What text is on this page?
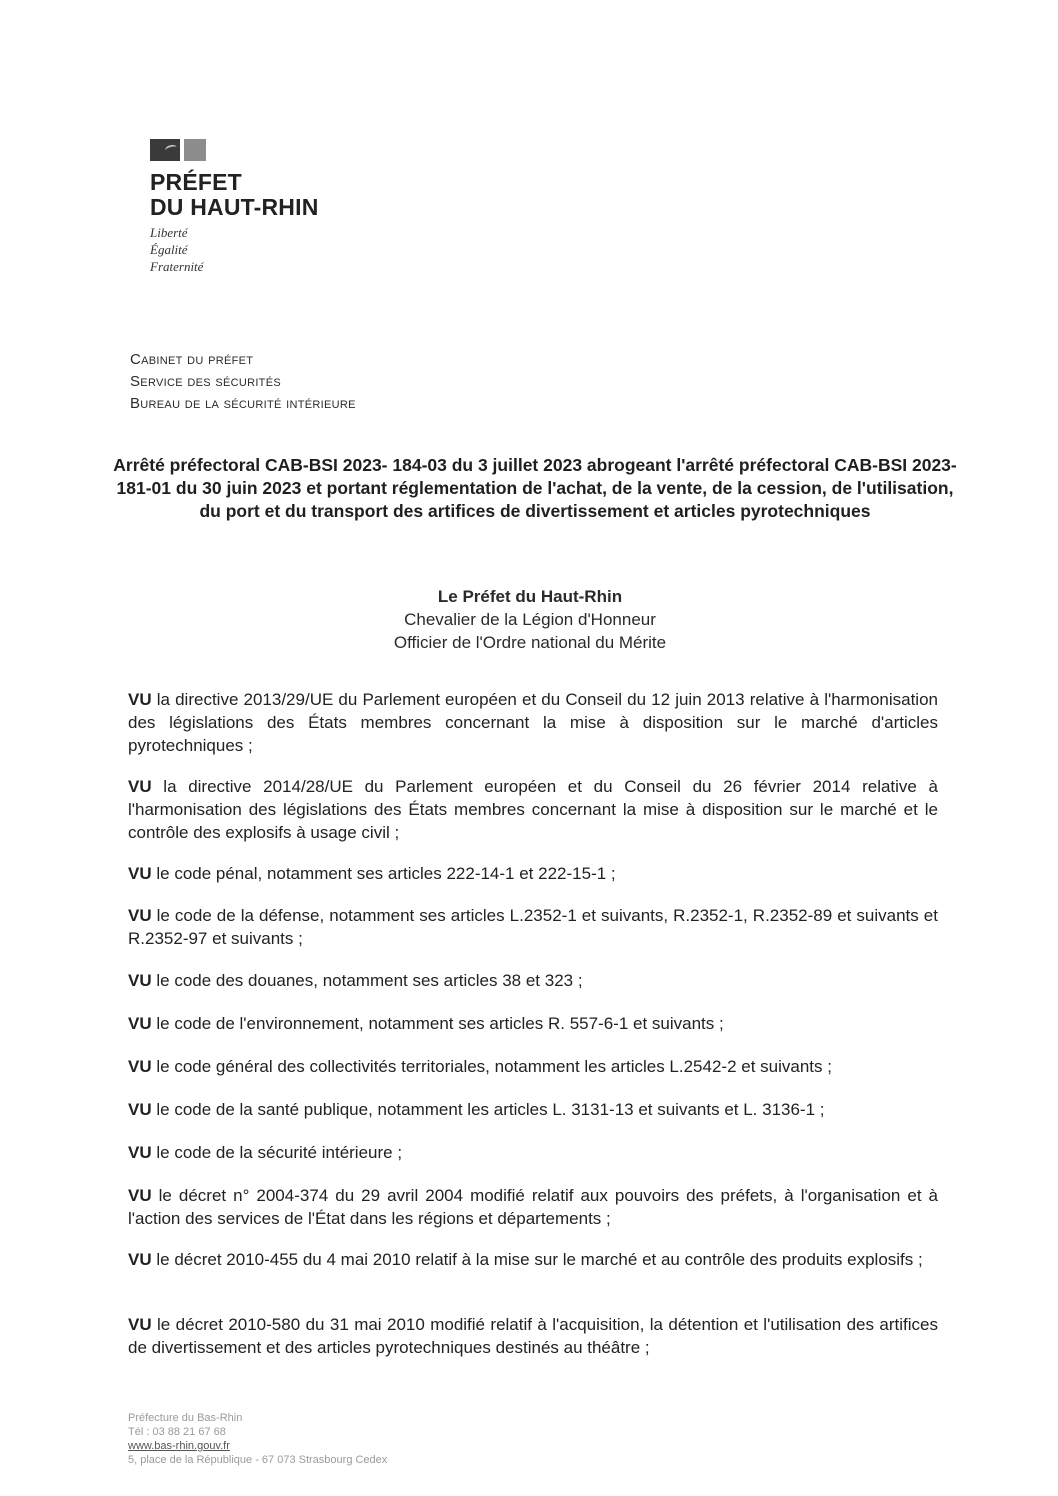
PRÉFET
DU HAUT-RHIN
Liberté
Égalité
Fraternité
Cabinet du préfet
Service des sécurités
Bureau de la sécurité intérieure
Arrêté préfectoral CAB-BSI 2023- 184-03 du 3 juillet 2023 abrogeant l'arrêté préfectoral CAB-BSI 2023- 181-01 du 30 juin 2023 et portant réglementation de l'achat, de la vente, de la cession, de l'utilisation, du port et du transport des artifices de divertissement et articles pyrotechniques
Le Préfet du Haut-Rhin
Chevalier de la Légion d'Honneur
Officier de l'Ordre national du Mérite
VU la directive 2013/29/UE du Parlement européen et du Conseil du 12 juin 2013 relative à l'harmonisation des législations des États membres concernant la mise à disposition sur le marché d'articles pyrotechniques ;
VU la directive 2014/28/UE du Parlement européen et du Conseil du 26 février 2014 relative à l'harmonisation des législations des États membres concernant la mise à disposition sur le marché et le contrôle des explosifs à usage civil ;
VU le code pénal, notamment ses articles 222-14-1 et 222-15-1 ;
VU le code de la défense, notamment ses articles L.2352-1 et suivants, R.2352-1, R.2352-89 et suivants et R.2352-97 et suivants ;
VU le code des douanes, notamment ses articles 38 et 323 ;
VU le code de l'environnement, notamment ses articles R. 557-6-1 et suivants ;
VU le code général des collectivités territoriales, notamment les articles L.2542-2 et suivants ;
VU le code de la santé publique, notamment les articles L. 3131-13 et suivants et L. 3136-1 ;
VU le code de la sécurité intérieure ;
VU le décret n° 2004-374 du 29 avril 2004 modifié relatif aux pouvoirs des préfets, à l'organisation et à l'action des services de l'État dans les régions et départements ;
VU le décret 2010-455 du 4 mai 2010 relatif à la mise sur le marché et au contrôle des produits explosifs ;
VU le décret 2010-580 du 31 mai 2010 modifié relatif à l'acquisition, la détention et l'utilisation des artifices de divertissement et des articles pyrotechniques destinés au théâtre ;
Préfecture du Bas-Rhin
Tél : 03 88 21 67 68
www.bas-rhin.gouv.fr
5, place de la République - 67 073 Strasbourg Cedex
